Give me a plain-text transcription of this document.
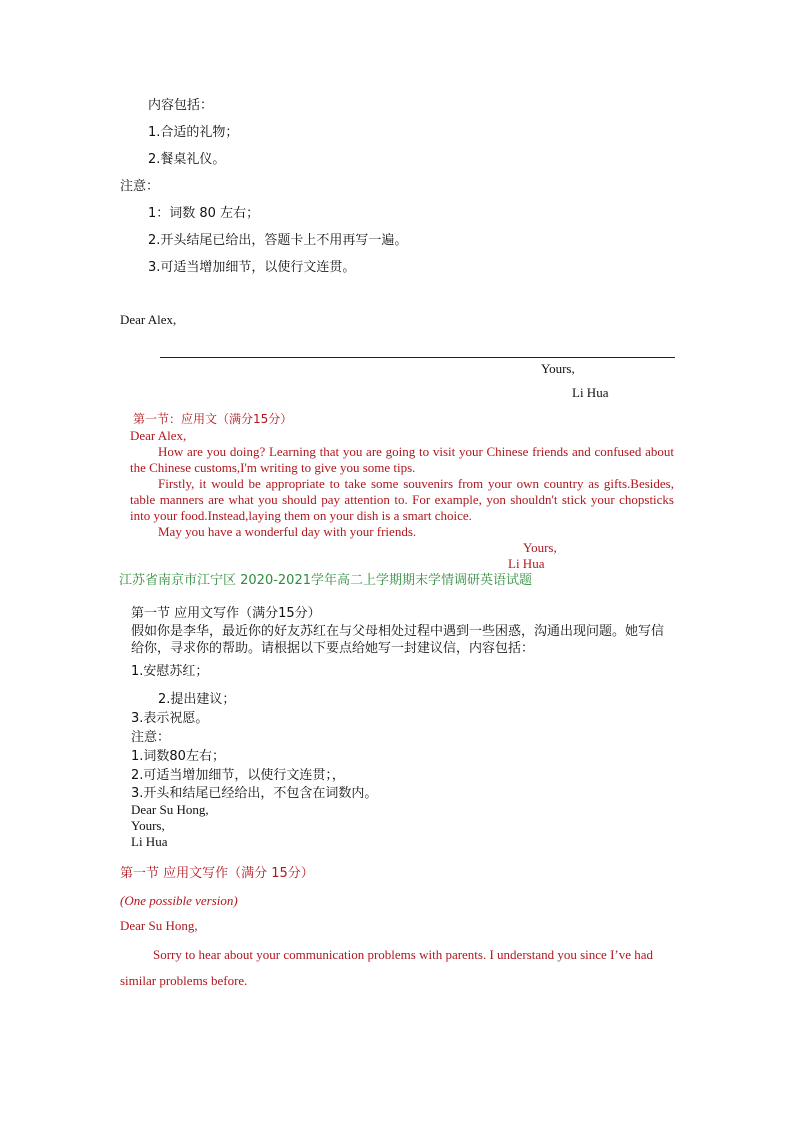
内容包括：
1.合适的礼物；
2.餐桌礼仪。
注意：
1：词数 80 左右；
2.开头结尾已给出，答题卡上不用再写一遍。
3.可适当增加细节，以使行文连贯。
Dear Alex,
Yours,
Li Hua
第一节：应用文（满分15分）
Dear Alex,
How are you doing? Learning that you are going to visit your Chinese friends and confused about the Chinese customs,I'm writing to give you some tips.
Firstly, it would be appropriate to take some souvenirs from your own country as gifts.Besides, table manners are what you should pay attention to. For example, yon shouldn't stick your chopsticks into your food.Instead,laying them on your dish is a smart choice.
May you have a wonderful day with your friends.
Yours,
Li Hua
江苏省南京市江宁区 2020-2021学年高二上学期期末学情调研英语试题
第一节 应用文写作（满分15分）
假如你是李华，最近你的好友苏红在与父母相处过程中遇到一些困惑，沟通出现问题。她写信给你，寻求你的帮助。请根据以下要点给她写一封建议信，内容包括：
1.安慰苏红；
2.提出建议；
3.表示祝愿。
注意：
1.词数80左右；
2.可适当增加细节，以使行文连贯；，
3.开头和结尾已经给出，不包含在词数内。
Dear Su Hong,
Yours,
Li Hua
第一节 应用文写作（满分 15分）
(One possible version)
Dear Su Hong,
Sorry to hear about your communication problems with parents. I understand you since I’ve had similar problems before.
